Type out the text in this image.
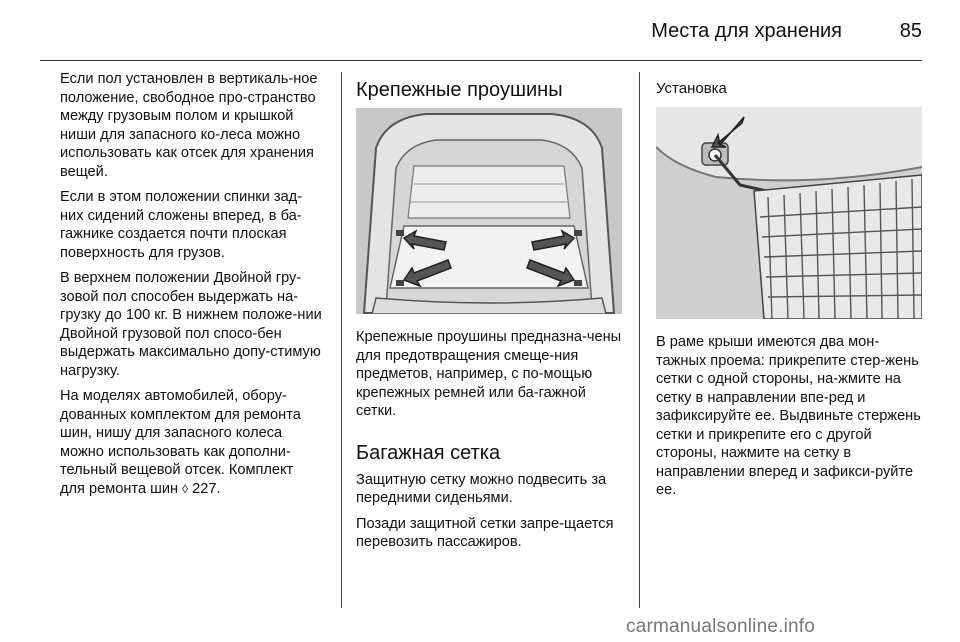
Места для хранения	85

Если пол установлен в вертикаль-ное положение, свободное про-странство между грузовым полом и крышкой ниши для запасного ко-леса можно использовать как отсек для хранения вещей.

Если в этом положении спинки зад-них сидений сложены вперед, в ба-гажнике создается почти плоская поверхность для грузов.

В верхнем положении Двойной гру-зовой пол способен выдержать на-грузку до 100 кг. В нижнем положе-нии Двойной грузовой пол спосо-бен выдержать максимально допу-стимую нагрузку.

На моделях автомобилей, обору-дованных комплектом для ремонта шин, нишу для запасного колеса можно использовать как дополни-тельный вещевой отсек. Комплект для ремонта шин ◊ 227.

Крепежные проушины

Крепежные проушины предназна-чены для предотвращения смеще-ния предметов, например, с по-мощью крепежных ремней или ба-гажной сетки.

Багажная сетка

Защитную сетку можно подвесить за передними сиденьями.

Позади защитной сетки запре-щается перевозить пассажиров.

Установка

В раме крыши имеются два мон-тажных проема: прикрепите стер-жень сетки с одной стороны, на-жмите на сетку в направлении впе-ред и зафиксируйте ее. Выдвиньте стержень сетки и прикрепите его с другой стороны, нажмите на сетку в направлении вперед и зафикси-руйте ее.

carmanualsonline.info
